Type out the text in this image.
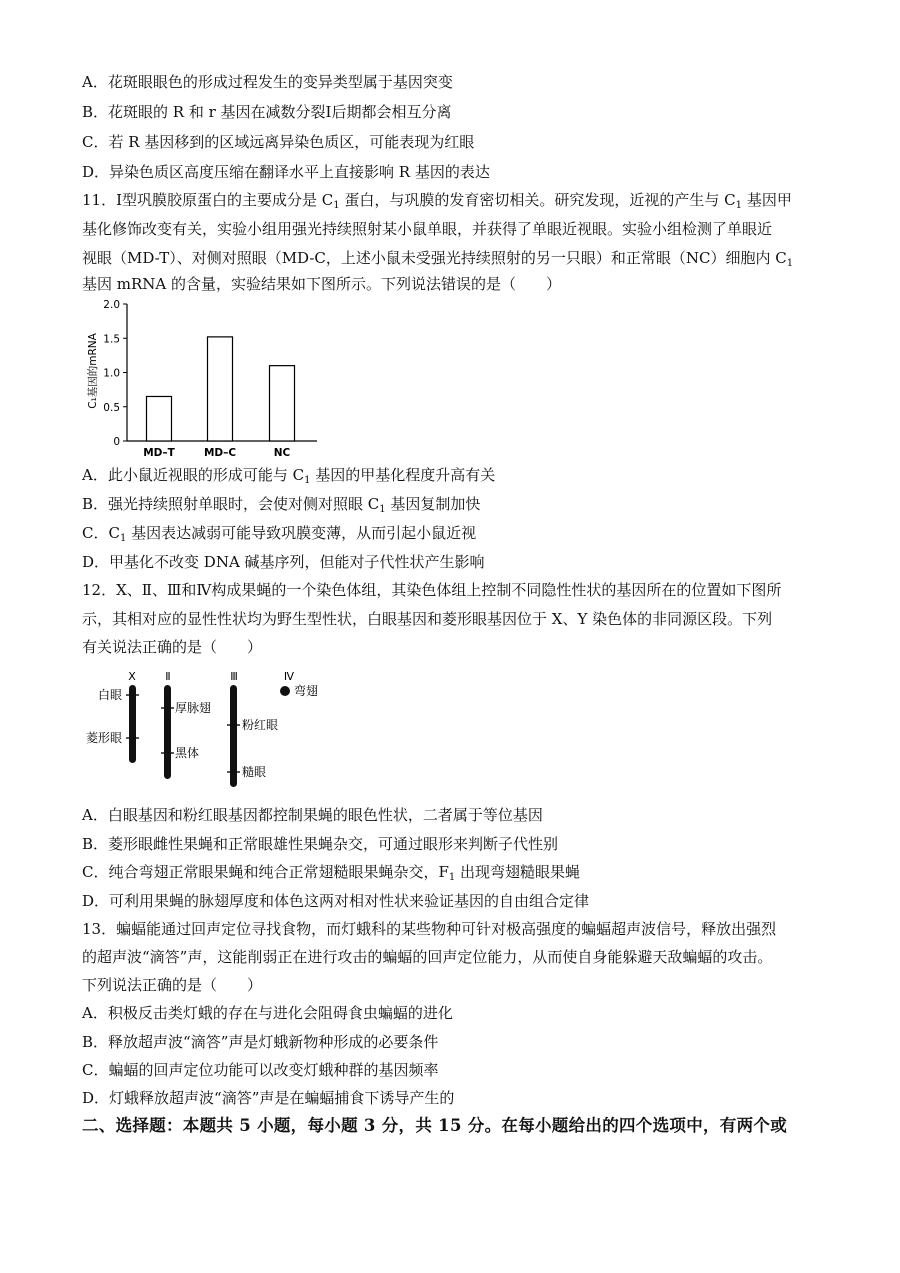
A．花斑眼眼色的形成过程发生的变异类型属于基因突变
B．花斑眼的 R 和 r 基因在减数分裂Ⅰ后期都会相互分离
C．若 R 基因移到的区域远离异染色质区，可能表现为红眼
D．异染色质区高度压缩在翻译水平上直接影响 R 基因的表达
11．Ⅰ型巩膜胶原蛋白的主要成分是 $C_1$ 蛋白，与巩膜的发育密切相关。研究发现，近视的产生与 $C_1$ 基因甲
基化修饰改变有关，实验小组用强光持续照射某小鼠单眼，并获得了单眼近视眼。实验小组检测了单眼近
视眼（MD-T）、对侧对照眼（MD-C，上述小鼠未受强光持续照射的另一只眼）和正常眼（NC）细胞内 $C_1$
基因 mRNA 的含量，实验结果如下图所示。下列说法错误的是（　　）
0
0.5
1.0
1.5
2.0
C₁基因的mRNA
MD–T	MD–C	NC
A．此小鼠近视眼的形成可能与 $C_1$ 基因的甲基化程度升高有关
B．强光持续照射单眼时，会使对侧对照眼 $C_1$ 基因复制加快
C．$C_1$ 基因表达减弱可能导致巩膜变薄，从而引起小鼠近视
D．甲基化不改变 DNA 碱基序列，但能对子代性状产生影响
12．X、Ⅱ、Ⅲ和Ⅳ构成果蝇的一个染色体组，其染色体组上控制不同隐性性状的基因所在的位置如下图所
示，其相对应的显性性状均为野生型性状，白眼基因和菱形眼基因位于 X、Y 染色体的非同源区段。下列
有关说法正确的是（　　）
X	Ⅱ	Ⅲ	Ⅳ
白眼
菱形眼
厚脉翅
黑体
粉红眼
糙眼
弯翅
A．白眼基因和粉红眼基因都控制果蝇的眼色性状，二者属于等位基因
B．菱形眼雌性果蝇和正常眼雄性果蝇杂交，可通过眼形来判断子代性别
C．纯合弯翅正常眼果蝇和纯合正常翅糙眼果蝇杂交，$F_1$ 出现弯翅糙眼果蝇
D．可利用果蝇的脉翅厚度和体色这两对相对性状来验证基因的自由组合定律
13．蝙蝠能通过回声定位寻找食物，而灯蛾科的某些物种可针对极高强度的蝙蝠超声波信号，释放出强烈
的超声波“滴答”声，这能削弱正在进行攻击的蝙蝠的回声定位能力，从而使自身能躲避天敌蝙蝠的攻击。
下列说法正确的是（　　）
A．积极反击类灯蛾的存在与进化会阻碍食虫蝙蝠的进化
B．释放超声波“滴答”声是灯蛾新物种形成的必要条件
C．蝙蝠的回声定位功能可以改变灯蛾种群的基因频率
D．灯蛾释放超声波“滴答”声是在蝙蝠捕食下诱导产生的
二、选择题：本题共 5 小题，每小题 3 分，共 15 分。在每小题给出的四个选项中，有两个或
